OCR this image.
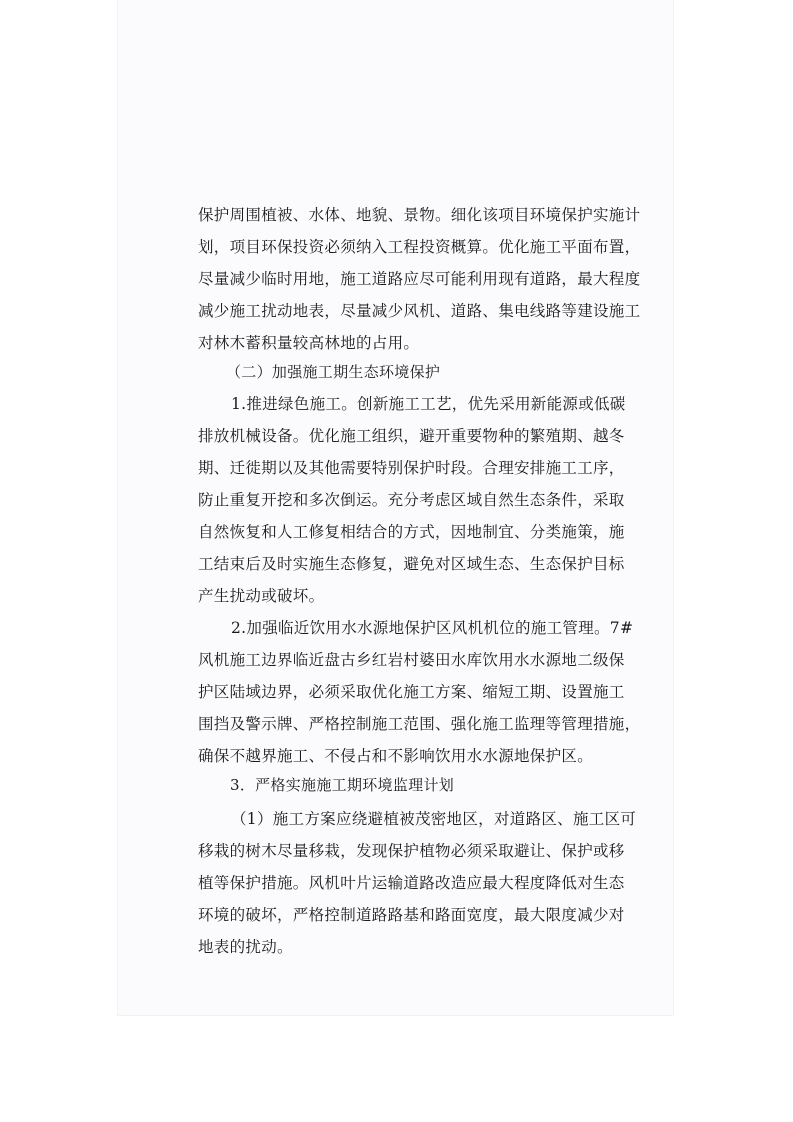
保护周围植被、水体、地貌、景物。细化该项目环境保护实施计

划，项目环保投资必须纳入工程投资概算。优化施工平面布置，

尽量减少临时用地，施工道路应尽可能利用现有道路，最大程度

减少施工扰动地表，尽量减少风机、道路、集电线路等建设施工

对林木蓄积量较高林地的占用。

（二）加强施工期生态环境保护

1.推进绿色施工。创新施工工艺，优先采用新能源或低碳

排放机械设备。优化施工组织，避开重要物种的繁殖期、越冬

期、迁徙期以及其他需要特别保护时段。合理安排施工工序，

防止重复开挖和多次倒运。充分考虑区域自然生态条件，采取

自然恢复和人工修复相结合的方式，因地制宜、分类施策，施

工结束后及时实施生态修复，避免对区域生态、生态保护目标

产生扰动或破坏。

2.加强临近饮用水水源地保护区风机机位的施工管理。7#

风机施工边界临近盘古乡红岩村婆田水库饮用水水源地二级保

护区陆域边界，必须采取优化施工方案、缩短工期、设置施工

围挡及警示牌、严格控制施工范围、强化施工监理等管理措施，

确保不越界施工、不侵占和不影响饮用水水源地保护区。

3．严格实施施工期环境监理计划

（1）施工方案应绕避植被茂密地区，对道路区、施工区可

移栽的树木尽量移栽，发现保护植物必须采取避让、保护或移

植等保护措施。风机叶片运输道路改造应最大程度降低对生态

环境的破坏，严格控制道路路基和路面宽度，最大限度减少对

地表的扰动。
